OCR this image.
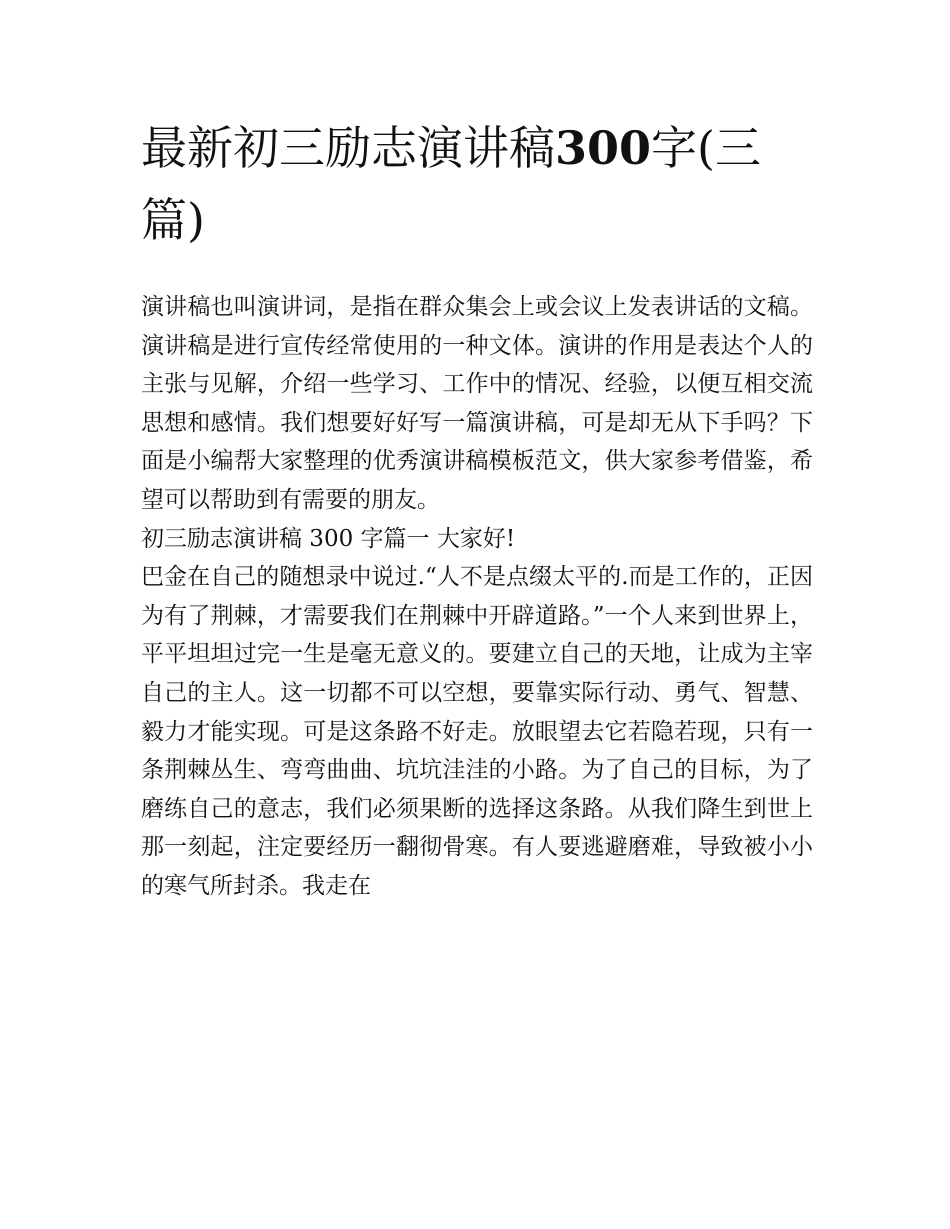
最新初三励志演讲稿300字(三篇)

演讲稿也叫演讲词，是指在群众集会上或会议上发表讲话的文稿。演讲稿是进行宣传经常使用的一种文体。演讲的作用是表达个人的主张与见解，介绍一些学习、工作中的情况、经验，以便互相交流思想和感情。我们想要好好写一篇演讲稿，可是却无从下手吗？下面是小编帮大家整理的优秀演讲稿模板范文，供大家参考借鉴，希望可以帮助到有需要的朋友。

初三励志演讲稿 300 字篇一 大家好!

巴金在自己的随想录中说过.“人不是点缀太平的.而是工作的，正因为有了荆棘，才需要我们在荆棘中开辟道路。”一个人来到世界上，平平坦坦过完一生是毫无意义的。要建立自己的天地，让成为主宰自己的主人。这一切都不可以空想，要靠实际行动、勇气、智慧、毅力才能实现。可是这条路不好走。放眼望去它若隐若现，只有一条荆棘丛生、弯弯曲曲、坑坑洼洼的小路。为了自己的目标，为了磨练自己的意志，我们必须果断的选择这条路。从我们降生到世上那一刻起，注定要经历一翻彻骨寒。有人要逃避磨难，导致被小小的寒气所封杀。我走在
